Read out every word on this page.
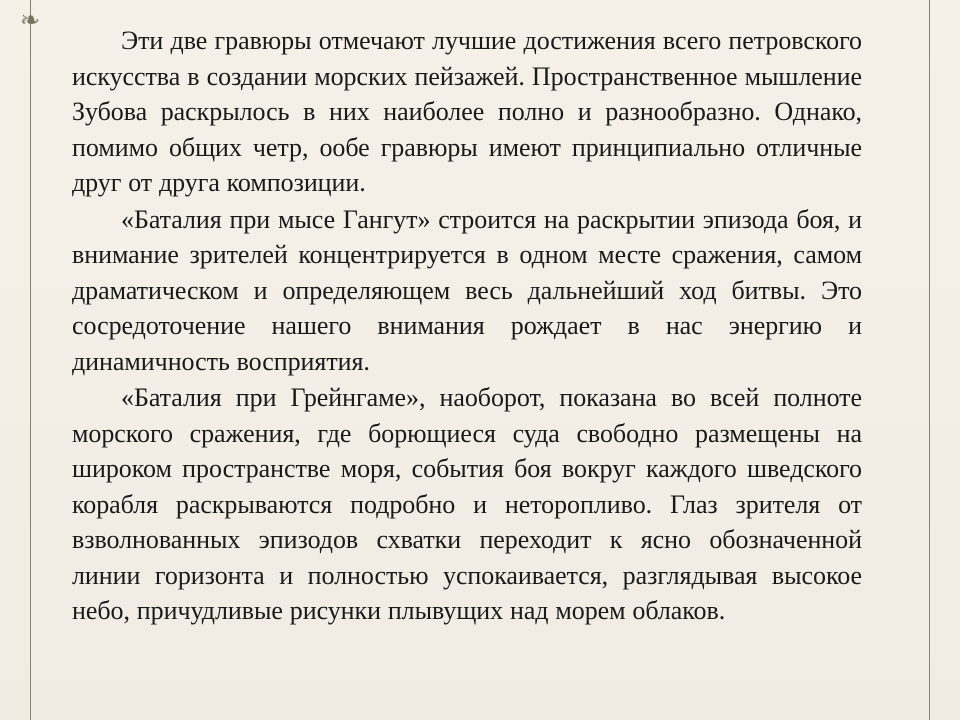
❧

Эти две гравюры отмечают лучшие достижения всего петровского искусства в создании морских пейзажей. Пространственное мышление Зубова раскрылось в них наиболее полно и разнообразно. Однако, помимо общих четр, ообе гравюры имеют принципиально отличные друг от друга композиции.

«Баталия при мысе Гангут» строится на раскрытии эпизода боя, и внимание зрителей концентрируется в одном месте сражения, самом драматическом и определяющем весь дальнейший ход битвы. Это сосредоточение нашего внимания рождает в нас энергию и динамичность восприятия.

«Баталия при Грейнгаме», наоборот, показана во всей полноте морского сражения, где борющиеся суда свободно размещены на широком пространстве моря, события боя вокруг каждого шведского корабля раскрываются подробно и неторопливо. Глаз зрителя от взволнованных эпизодов схватки переходит к ясно обозначенной линии горизонта и полностью успокаивается, разглядывая высокое небо, причудливые рисунки плывущих над морем облаков.
